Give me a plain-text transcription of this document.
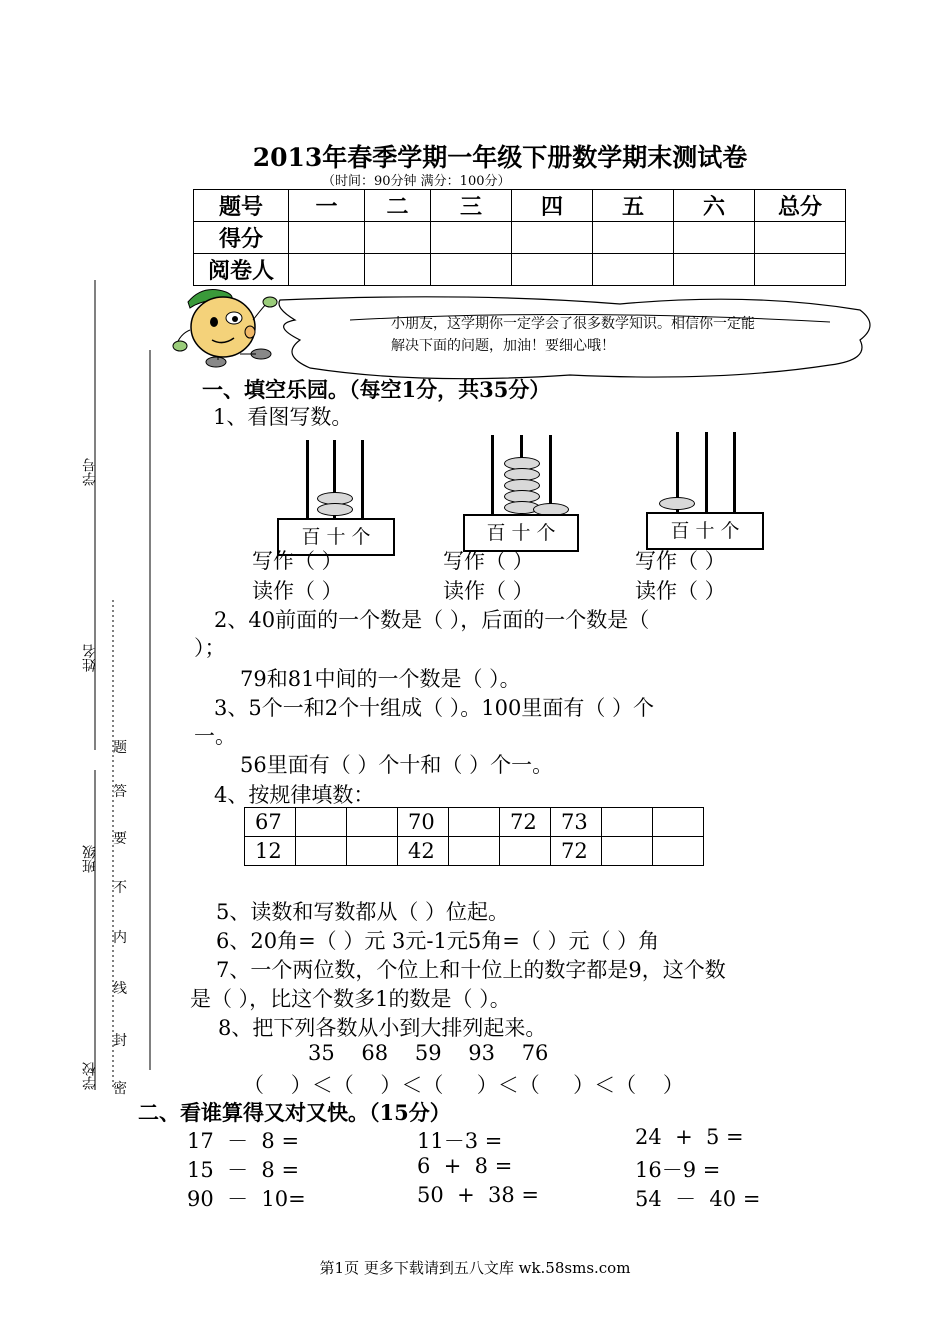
2013年春季学期一年级下册数学期末测试卷
（时间：90分钟 满分：100分）
题号	一	二	三	四	五	六	总分
得分							
阅卷人							
学号
姓名
班级
学校
题
答
要
不
内
线
封
密
小朋友，这学期你一定学会了很多数学知识。相信你一定能解决下面的问题，加油！要细心哦！
一、填空乐园。（每空1分，共35分）
1、看图写数。
百 十 个	百 十 个	百 十 个
写作（ ）	写作（ ）	写作（ ）
读作（ ）	读作（ ）	读作（ ）
2、40前面的一个数是（ ），后面的一个数是（
）；
79和81中间的一个数是（ ）。
3、5个一和2个十组成（ ）。100里面有（ ）个
一。
56里面有（ ）个十和（ ）个一。
4、按规律填数：
67			70		72	73		
12			42			72		
5、读数和写数都从（ ）位起。
6、20角=（ ）元 3元-1元5角=（ ）元（ ）角
7、一个两位数，个位上和十位上的数字都是9，这个数
是（ ），比这个数多1的数是（ ）。
8、把下列各数从小到大排列起来。
35    68    59    93    76
（    ）＜（    ）＜（     ）＜（     ）＜（    ）
二、看谁算得又对又快。（15分）
17  －  8 =	11－3 =	24  +  5 =
15  －  8 =	6  +  8 =	16－9 =
90  －  10=	50  +  38 =	54  －  40 =
第1页 更多下载请到五八文库 wk.58sms.com
